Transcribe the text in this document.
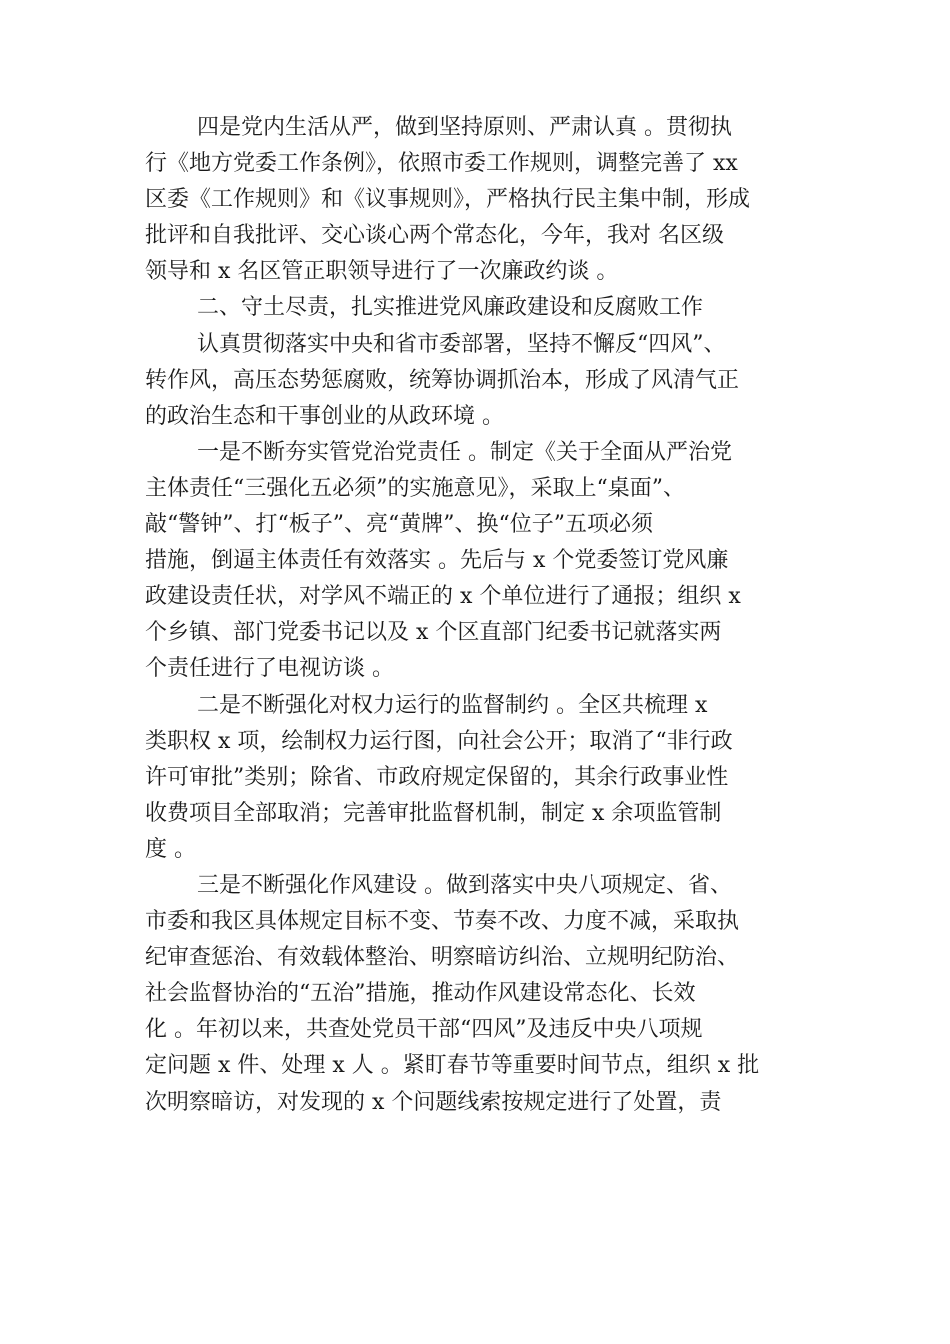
四是党内生活从严，做到坚持原则、严肃认真 。贯彻执
行《地方党委工作条例》，依照市委工作规则，调整完善了 xx
区委《工作规则》和《议事规则》，严格执行民主集中制，形成
批评和自我批评、交心谈心两个常态化，今年，我对 名区级
领导和 x 名区管正职领导进行了一次廉政约谈 。
二、守土尽责，扎实推进党风廉政建设和反腐败工作
认真贯彻落实中央和省市委部署，坚持不懈反“四风”、
转作风，高压态势惩腐败，统筹协调抓治本，形成了风清气正
的政治生态和干事创业的从政环境 。
一是不断夯实管党治党责任 。制定《关于全面从严治党
主体责任“三强化五必须”的实施意见》，采取上“桌面”、
敲“警钟”、打“板子”、亮“黄牌”、换“位子”五项必须
措施，倒逼主体责任有效落实 。先后与 x 个党委签订党风廉
政建设责任状，对学风不端正的 x 个单位进行了通报；组织 x
个乡镇、部门党委书记以及 x 个区直部门纪委书记就落实两
个责任进行了电视访谈 。
二是不断强化对权力运行的监督制约 。全区共梳理 x
类职权 x 项，绘制权力运行图，向社会公开；取消了“非行政
许可审批”类别；除省、市政府规定保留的，其余行政事业性
收费项目全部取消；完善审批监督机制，制定 x 余项监管制
度 。
三是不断强化作风建设 。做到落实中央八项规定、省、
市委和我区具体规定目标不变、节奏不改、力度不减，采取执
纪审查惩治、有效载体整治、明察暗访纠治、立规明纪防治、
社会监督协治的“五治”措施，推动作风建设常态化、长效
化 。年初以来，共查处党员干部“四风”及违反中央八项规
定问题 x 件、处理 x 人 。紧盯春节等重要时间节点，组织 x 批
次明察暗访，对发现的 x 个问题线索按规定进行了处置，责
